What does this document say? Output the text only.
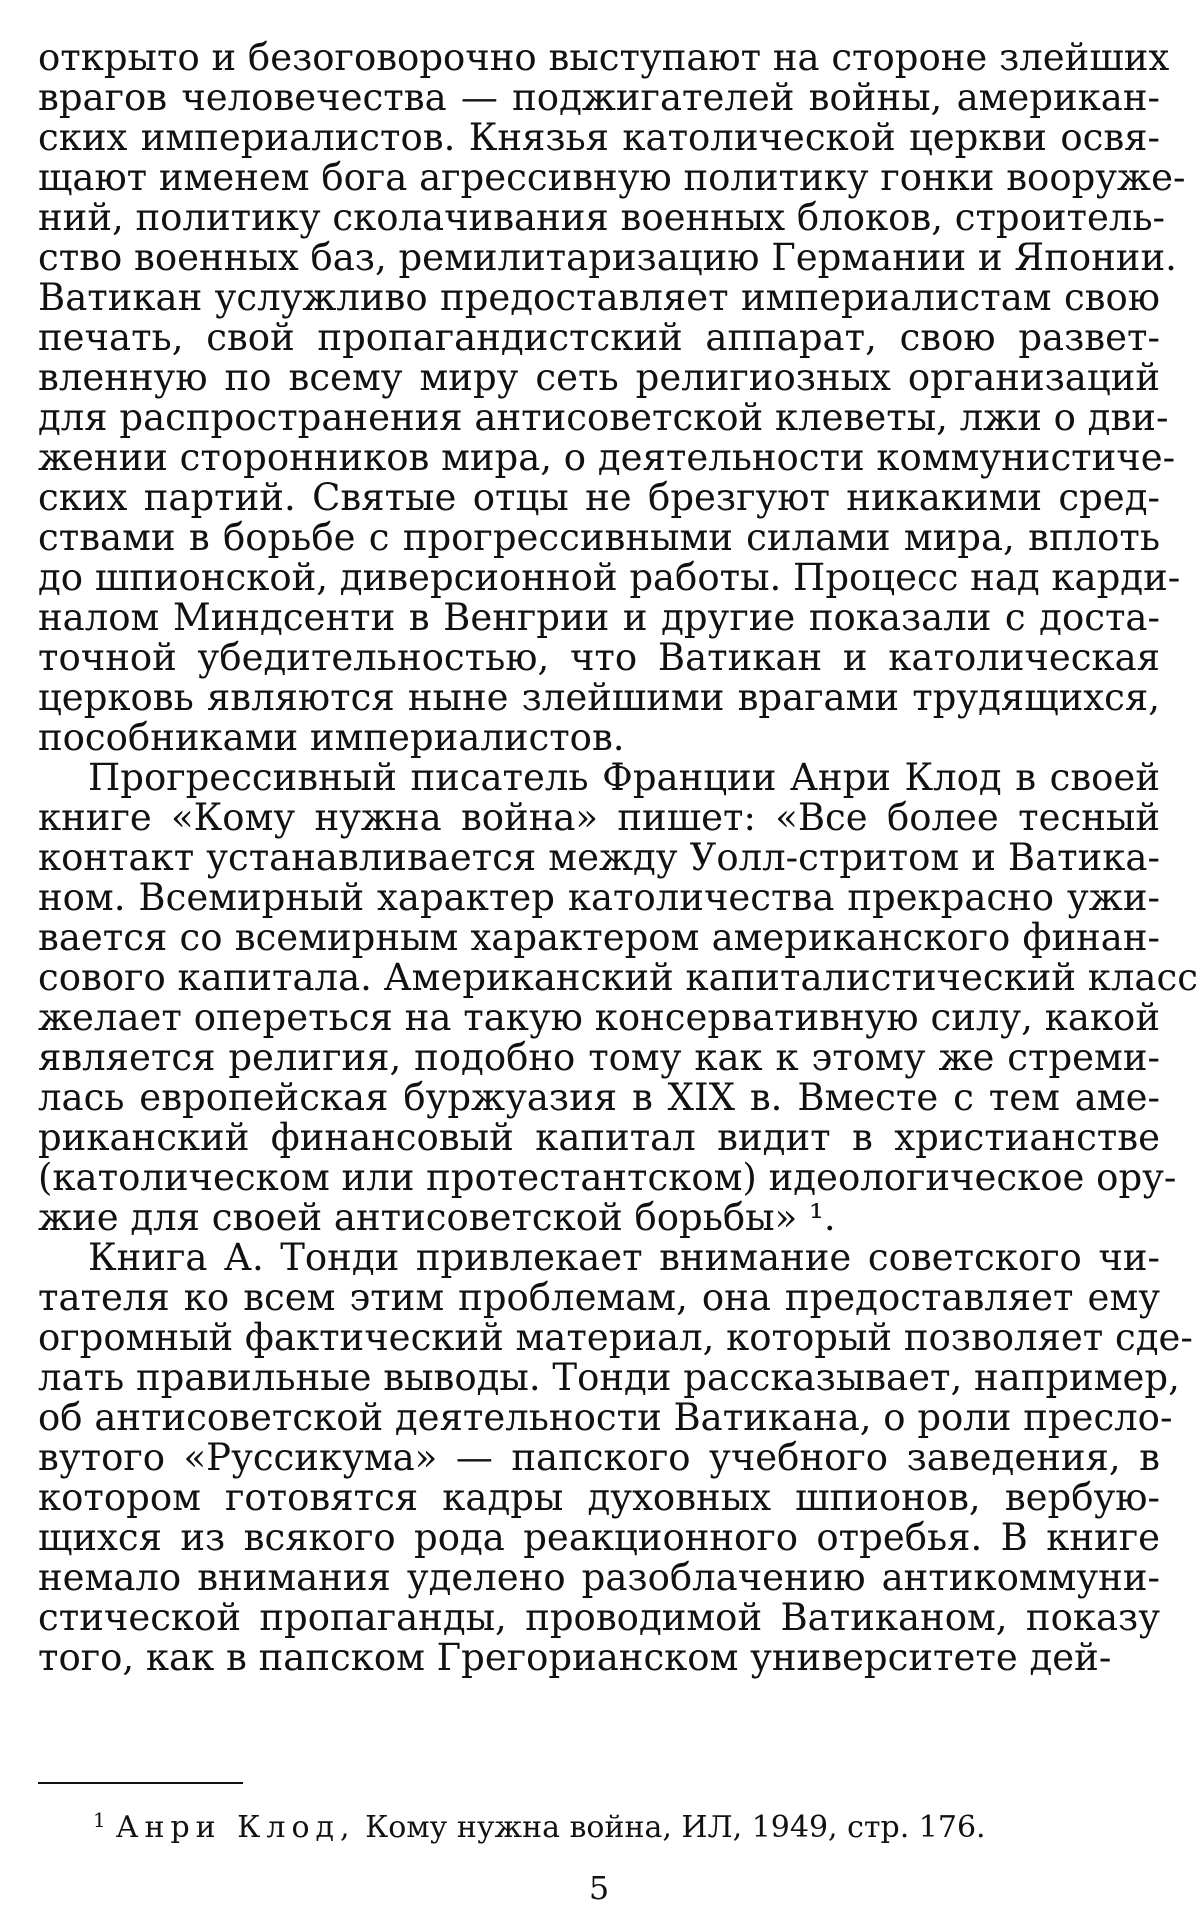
открыто и безоговорочно выступают на стороне злейших
врагов человечества — поджигателей войны, американ-
ских империалистов. Князья католической церкви освя-
щают именем бога агрессивную политику гонки вооруже-
ний, политику сколачивания военных блоков, строитель-
ство военных баз, ремилитаризацию Германии и Японии.
Ватикан услужливо предоставляет империалистам свою
печать, свой пропагандистский аппарат, свою развет-
вленную по всему миру сеть религиозных организаций
для распространения антисоветской клеветы, лжи о дви-
жении сторонников мира, о деятельности коммунистиче-
ских партий. Святые отцы не брезгуют никакими сред-
ствами в борьбе с прогрессивными силами мира, вплоть
до шпионской, диверсионной работы. Процесс над карди-
налом Миндсенти в Венгрии и другие показали с доста-
точной убедительностью, что Ватикан и католическая
церковь являются ныне злейшими врагами трудящихся,
пособниками империалистов.
Прогрессивный писатель Франции Анри Клод в своей
книге «Кому нужна война» пишет: «Все более тесный
контакт устанавливается между Уолл-стритом и Ватика-
ном. Всемирный характер католичества прекрасно ужи-
вается со всемирным характером американского финан-
сового капитала. Американский капиталистический класс
желает опереться на такую консервативную силу, какой
является религия, подобно тому как к этому же стреми-
лась европейская буржуазия в XIX в. Вместе с тем аме-
риканский финансовый капитал видит в христианстве
(католическом или протестантском) идеологическое ору-
жие для своей антисоветской борьбы» ¹.
Книга А. Тонди привлекает внимание советского чи-
тателя ко всем этим проблемам, она предоставляет ему
огромный фактический материал, который позволяет сде-
лать правильные выводы. Тонди рассказывает, например,
об антисоветской деятельности Ватикана, о роли пресло-
вутого «Руссикума» — папского учебного заведения, в
котором готовятся кадры духовных шпионов, вербую-
щихся из всякого рода реакционного отребья. В книге
немало внимания уделено разоблачению антикоммуни-
стической пропаганды, проводимой Ватиканом, показу
того, как в папском Грегорианском университете дей-
$^1$ Анри Клод, Кому нужна война, ИЛ, 1949, стр. 176.
5
